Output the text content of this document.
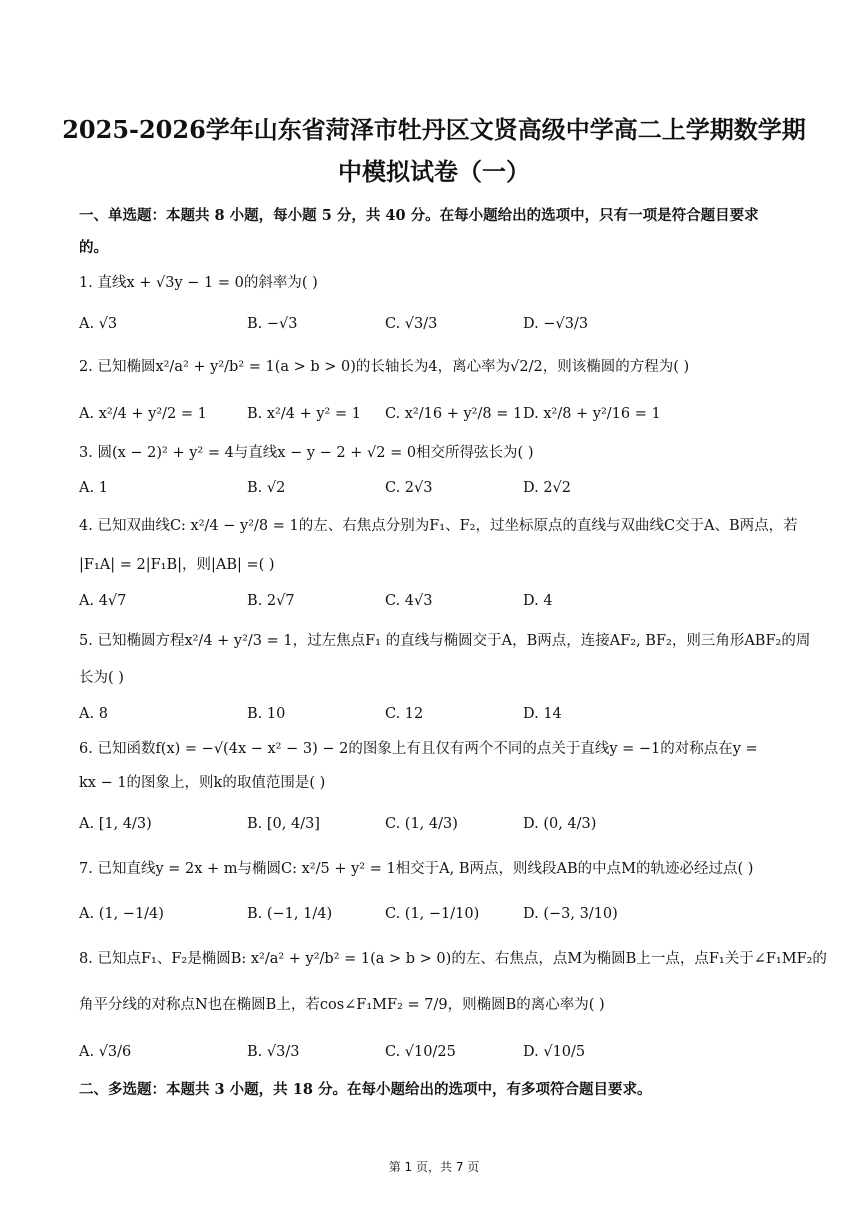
2025-2026学年山东省菏泽市牡丹区文贤高级中学高二上学期数学期
中模拟试卷（一）
一、单选题：本题共 8 小题，每小题 5 分，共 40 分。在每小题给出的选项中，只有一项是符合题目要求
的。
1. 直线x + √3y − 1 = 0的斜率为( )
A. √3	B. −√3	C. √3/3	D. −√3/3
2. 已知椭圆x²/a² + y²/b² = 1(a > b > 0)的长轴长为4，离心率为√2/2，则该椭圆的方程为( )
A. x²/4 + y²/2 = 1	B. x²/4 + y² = 1 C. x²/16 + y²/8 = 1 D. x²/8 + y²/16 = 1
3. 圆(x − 2)² + y² = 4与直线x − y − 2 + √2 = 0相交所得弦长为( )
A. 1	B. √2	C. 2√3	D. 2√2
4. 已知双曲线C: x²/4 − y²/8 = 1的左、右焦点分别为F₁、F₂，过坐标原点的直线与双曲线C交于A、B两点，若
|F₁A| = 2|F₁B|，则|AB| =( )
A. 4√7	B. 2√7	C. 4√3	D. 4
5. 已知椭圆方程x²/4 + y²/3 = 1，过左焦点F₁ 的直线与椭圆交于A，B两点，连接AF₂, BF₂，则三角形ABF₂的周
长为( )
A. 8	B. 10	C. 12	D. 14
6. 已知函数f(x) = −√(4x − x² − 3) − 2的图象上有且仅有两个不同的点关于直线y = −1的对称点在y =
kx − 1的图象上，则k的取值范围是( )
A. [1, 4/3)	B. [0, 4/3]	C. (1, 4/3)	D. (0, 4/3)
7. 已知直线y = 2x + m与椭圆C: x²/5 + y² = 1相交于A, B两点，则线段AB的中点M的轨迹必经过点( )
A. (1, −1/4)	B. (−1, 1/4)	C. (1, −1/10)	D. (−3, 3/10)
8. 已知点F₁、F₂是椭圆B: x²/a² + y²/b² = 1(a > b > 0)的左、右焦点，点M为椭圆B上一点，点F₁关于∠F₁MF₂的
角平分线的对称点N也在椭圆B上，若cos∠F₁MF₂ = 7/9，则椭圆B的离心率为( )
A. √3/6	B. √3/3	C. √10/25	D. √10/5
二、多选题：本题共 3 小题，共 18 分。在每小题给出的选项中，有多项符合题目要求。
第 1 页，共 7 页
